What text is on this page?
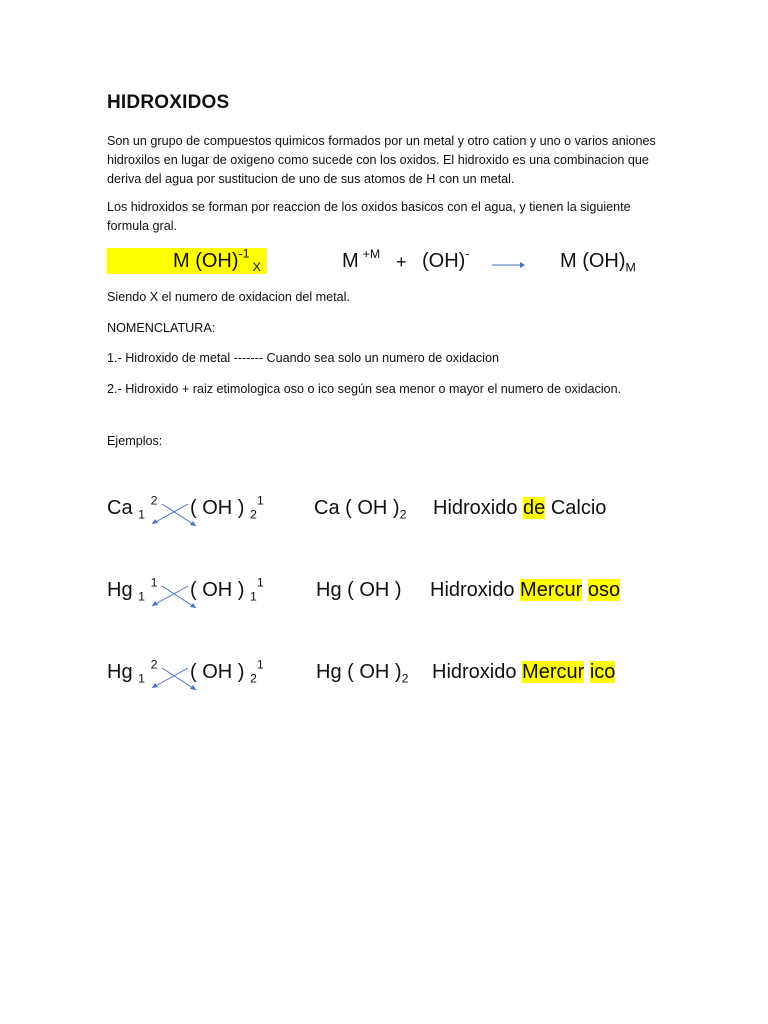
HIDROXIDOS

Son un grupo de compuestos quimicos formados por un metal y otro cation y uno o varios aniones hidroxilos en lugar de oxigeno como sucede con los oxidos. El hidroxido es una combinacion que deriva del agua por sustitucion de uno de sus atomos de H con un metal.

Los hidroxidos se forman por reaccion de los oxidos basicos con el agua, y tienen la siguiente formula gral.

M (OH)$^{-1}_X$	M $^{+M}$ + (OH)-	M $(OH)_M$

Siendo X el numero de oxidacion del metal.

NOMENCLATURA:

1.- Hidroxido de metal ------- Cuando sea solo un numero de oxidacion

2.- Hidroxido + raiz etimologica oso o ico según sea menor o mayor el numero de oxidacion.

Ejemplos:

Ca $_1$ $^2$ ( OH ) $_2^1$	Ca ( OH )$_2$ Hidroxido de Calcio
Hg $_1$ $^1$ ( OH ) $_1^1$	Hg ( OH ) Hidroxido Mercur oso
Hg $_1$ $^2$ ( OH ) $_2^1$	Hg ( OH )$_2$ Hidroxido Mercur ico
